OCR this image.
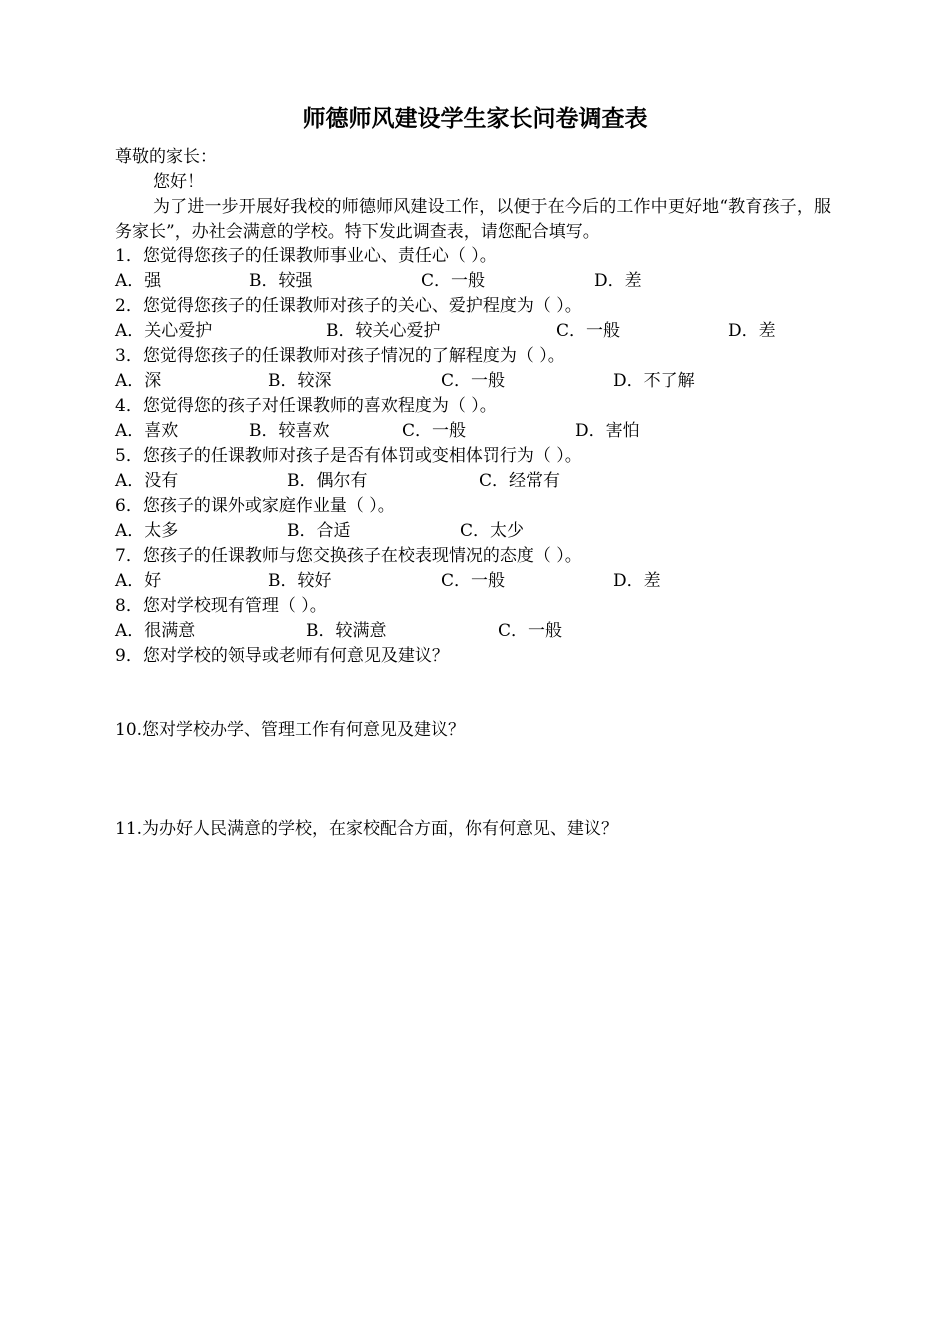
师德师风建设学生家长问卷调查表
尊敬的家长：
您好！
为了进一步开展好我校的师德师风建设工作，以便于在今后的工作中更好地“教育孩子，服务家长”，办社会满意的学校。特下发此调查表，请您配合填写。
1．您觉得您孩子的任课教师事业心、责任心（ ）。
A．强	B．较强	C．一般	D．差
2．您觉得您孩子的任课教师对孩子的关心、爱护程度为（ ）。
A．关心爱护	B．较关心爱护	C．一般	D．差
3．您觉得您孩子的任课教师对孩子情况的了解程度为（ ）。
A．深	B．较深	C．一般	D．不了解
4．您觉得您的孩子对任课教师的喜欢程度为（ ）。
A．喜欢	B．较喜欢	C．一般	D．害怕
5．您孩子的任课教师对孩子是否有体罚或变相体罚行为（ ）。
A．没有	B．偶尔有	C．经常有
6．您孩子的课外或家庭作业量（ ）。
A．太多	B．合适	C．太少
7．您孩子的任课教师与您交换孩子在校表现情况的态度（ ）。
A．好	B．较好	C．一般	D．差
8．您对学校现有管理（ ）。
A．很满意	B．较满意	C．一般
9．您对学校的领导或老师有何意见及建议？
10.您对学校办学、管理工作有何意见及建议？
11.为办好人民满意的学校，在家校配合方面，你有何意见、建议？
